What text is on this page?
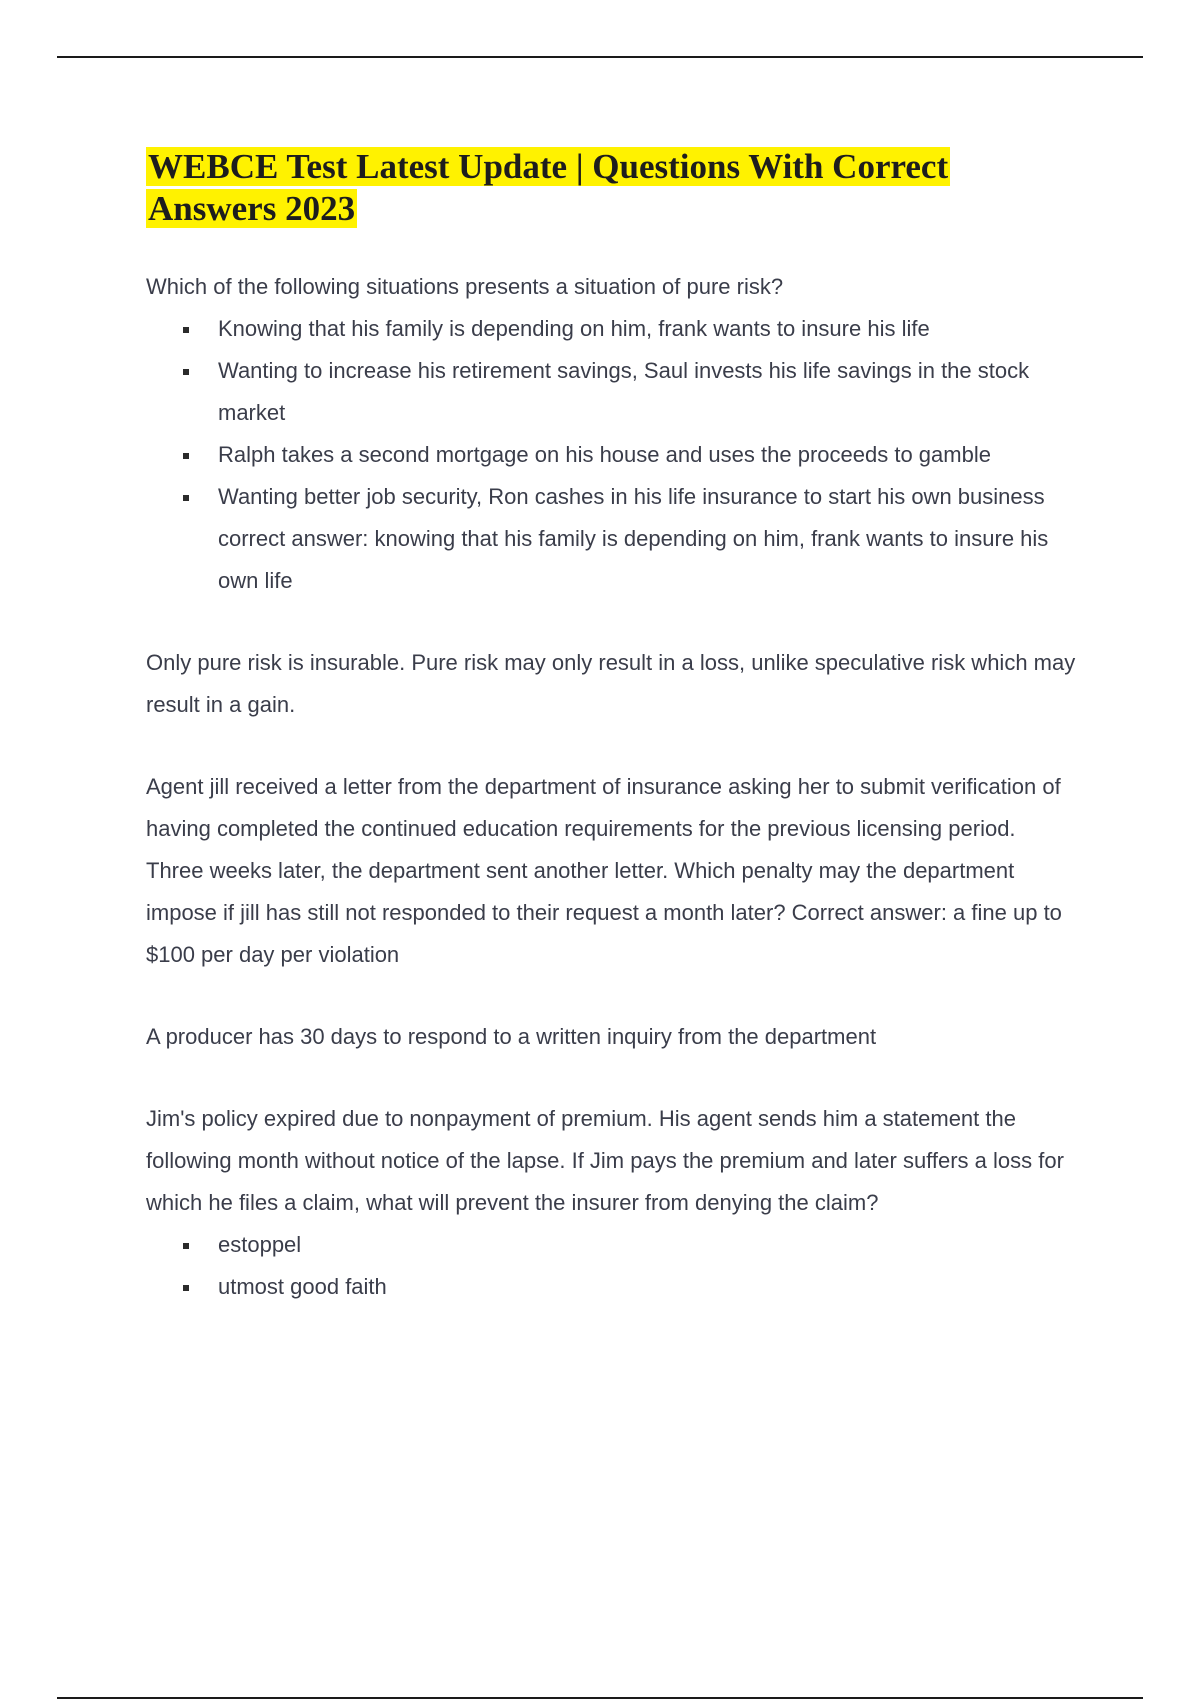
WEBCE Test Latest Update | Questions With Correct Answers 2023

Which of the following situations presents a situation of pure risk?

Knowing that his family is depending on him, frank wants to insure his life
Wanting to increase his retirement savings, Saul invests his life savings in the stock market
Ralph takes a second mortgage on his house and uses the proceeds to gamble
Wanting better job security, Ron cashes in his life insurance to start his own business correct answer: knowing that his family is depending on him, frank wants to insure his own life

Only pure risk is insurable. Pure risk may only result in a loss, unlike speculative risk which may result in a gain.

Agent jill received a letter from the department of insurance asking her to submit verification of having completed the continued education requirements for the previous licensing period. Three weeks later, the department sent another letter. Which penalty may the department impose if jill has still not responded to their request a month later? Correct answer: a fine up to $100 per day per violation

A producer has 30 days to respond to a written inquiry from the department

Jim's policy expired due to nonpayment of premium. His agent sends him a statement the following month without notice of the lapse. If Jim pays the premium and later suffers a loss for which he files a claim, what will prevent the insurer from denying the claim?

estoppel
utmost good faith
